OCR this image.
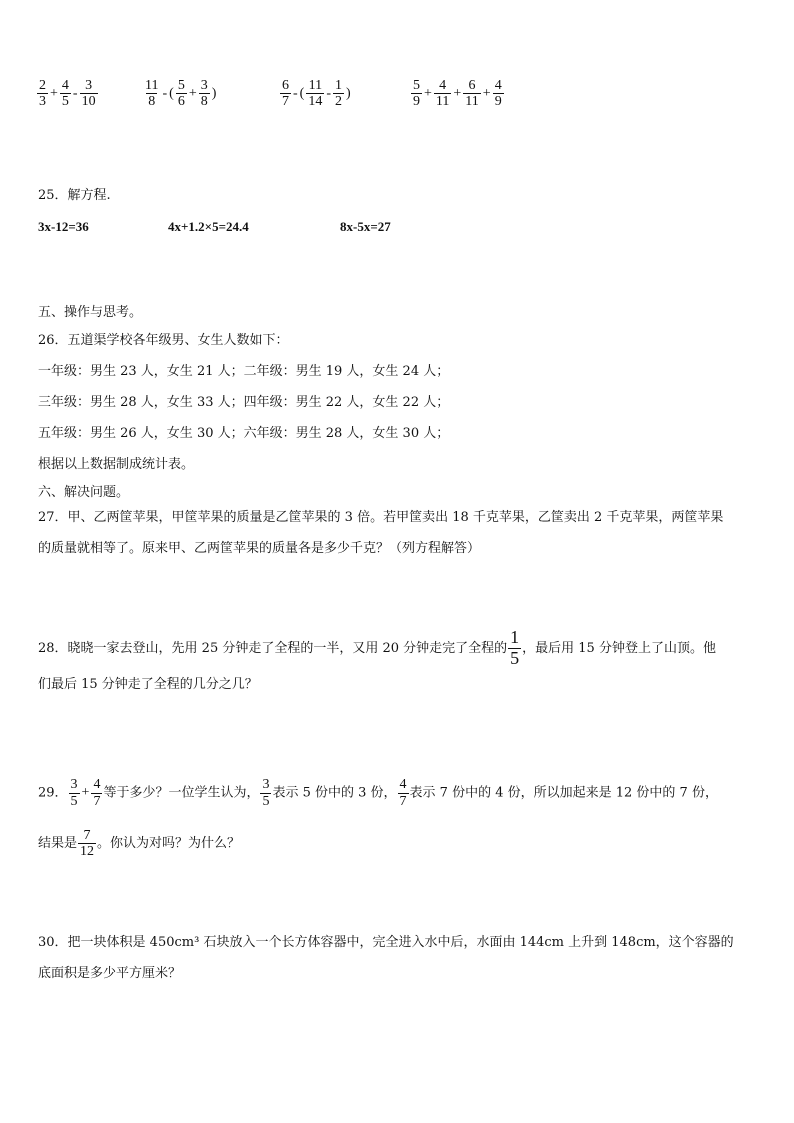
$\frac{2}{3} + \frac{4}{5} - \frac{3}{10}$	$\frac{11}{8}$ - ( $\frac{5}{6} + \frac{3}{8}$ )	$\frac{6}{7}$ - ( $\frac{11}{14} - \frac{1}{2}$ )	$\frac{5}{9} + \frac{4}{11} + \frac{6}{11} + \frac{4}{9}$
25．解方程.
3x-12=36	4x+1.2×5=24.4	8x-5x=27
五、操作与思考。
26．五道渠学校各年级男、女生人数如下：
一年级：男生 23 人，女生 21 人；二年级：男生 19 人，女生 24 人；
三年级：男生 28 人，女生 33 人；四年级：男生 22 人，女生 22 人；
五年级：男生 26 人，女生 30 人；六年级：男生 28 人，女生 30 人；
根据以上数据制成统计表。
六、解决问题。
27．甲、乙两筐苹果，甲筐苹果的质量是乙筐苹果的 3 倍。若甲筐卖出 18 千克苹果，乙筐卖出 2 千克苹果，两筐苹果
的质量就相等了。原来甲、乙两筐苹果的质量各是多少千克？（列方程解答）
28．晓晓一家去登山，先用 25 分钟走了全程的一半，又用 20 分钟走完了全程的 $\frac{1}{5}$ ，最后用 15 分钟登上了山顶。他
们最后 15 分钟走了全程的几分之几？
29． $\frac{3}{5} + \frac{4}{7}$ 等于多少？一位学生认为， $\frac{3}{5}$ 表示 5 份中的 3 份， $\frac{4}{7}$ 表示 7 份中的 4 份，所以加起来是 12 份中的 7 份，
结果是 $\frac{7}{12}$ 。你认为对吗？为什么？
30．把一块体积是 450cm³ 石块放入一个长方体容器中，完全进入水中后，水面由 144cm 上升到 148cm，这个容器的
底面积是多少平方厘米？
